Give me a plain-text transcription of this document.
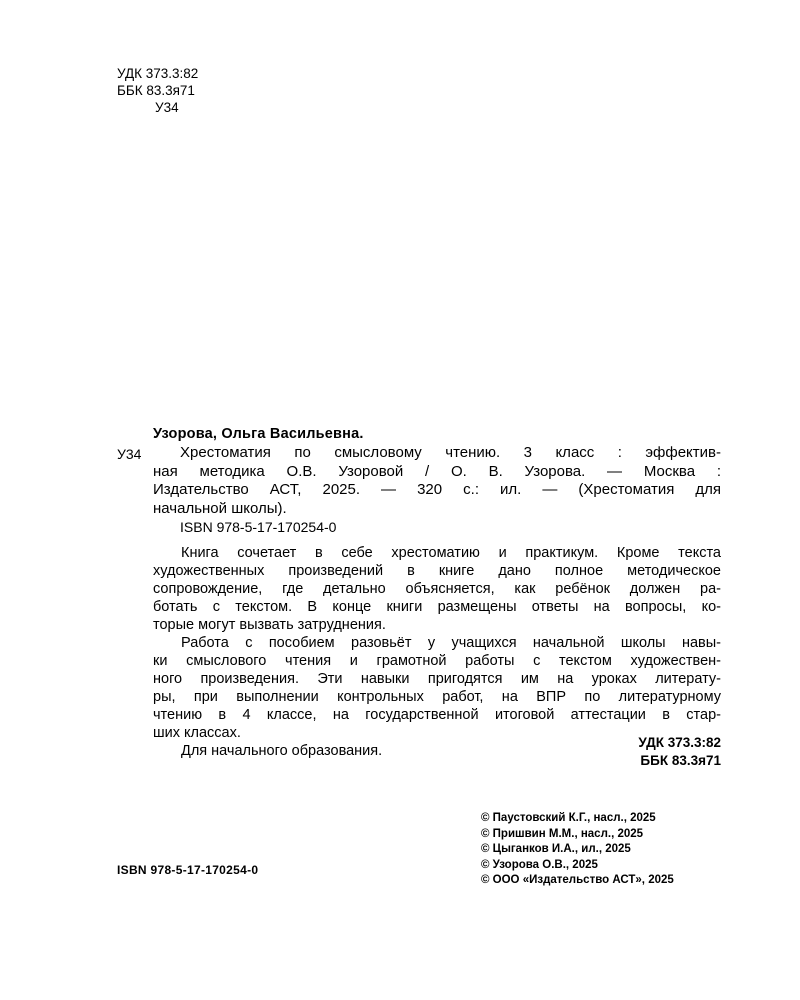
УДК 373.3:82
ББК 83.3я71
У34
Узорова, Ольга Васильевна.
У34	Хрестоматия по смысловому чтению. 3 класс : эффектив-
ная методика О.В. Узоровой / О. В. Узорова. — Москва :
Издательство АСТ, 2025. — 320 с.: ил. — (Хрестоматия для
начальной школы).
ISBN 978-5-17-170254-0
Книга сочетает в себе хрестоматию и практикум. Кроме текста
художественных произведений в книге дано полное методическое
сопровождение, где детально объясняется, как ребёнок должен ра-
ботать с текстом. В конце книги размещены ответы на вопросы, ко-
торые могут вызвать затруднения.
Работа с пособием разовьёт у учащихся начальной школы навы-
ки смыслового чтения и грамотной работы с текстом художествен-
ного произведения. Эти навыки пригодятся им на уроках литерату-
ры, при выполнении контрольных работ, на ВПР по литературному
чтению в 4 классе, на государственной итоговой аттестации в стар-
ших классах.
Для начального образования.
УДК 373.3:82
ББК 83.3я71
© Паустовский К.Г., насл., 2025
© Пришвин М.М., насл., 2025
© Цыганков И.А., ил., 2025
© Узорова О.В., 2025
© ООО «Издательство АСТ», 2025
ISBN 978-5-17-170254-0
